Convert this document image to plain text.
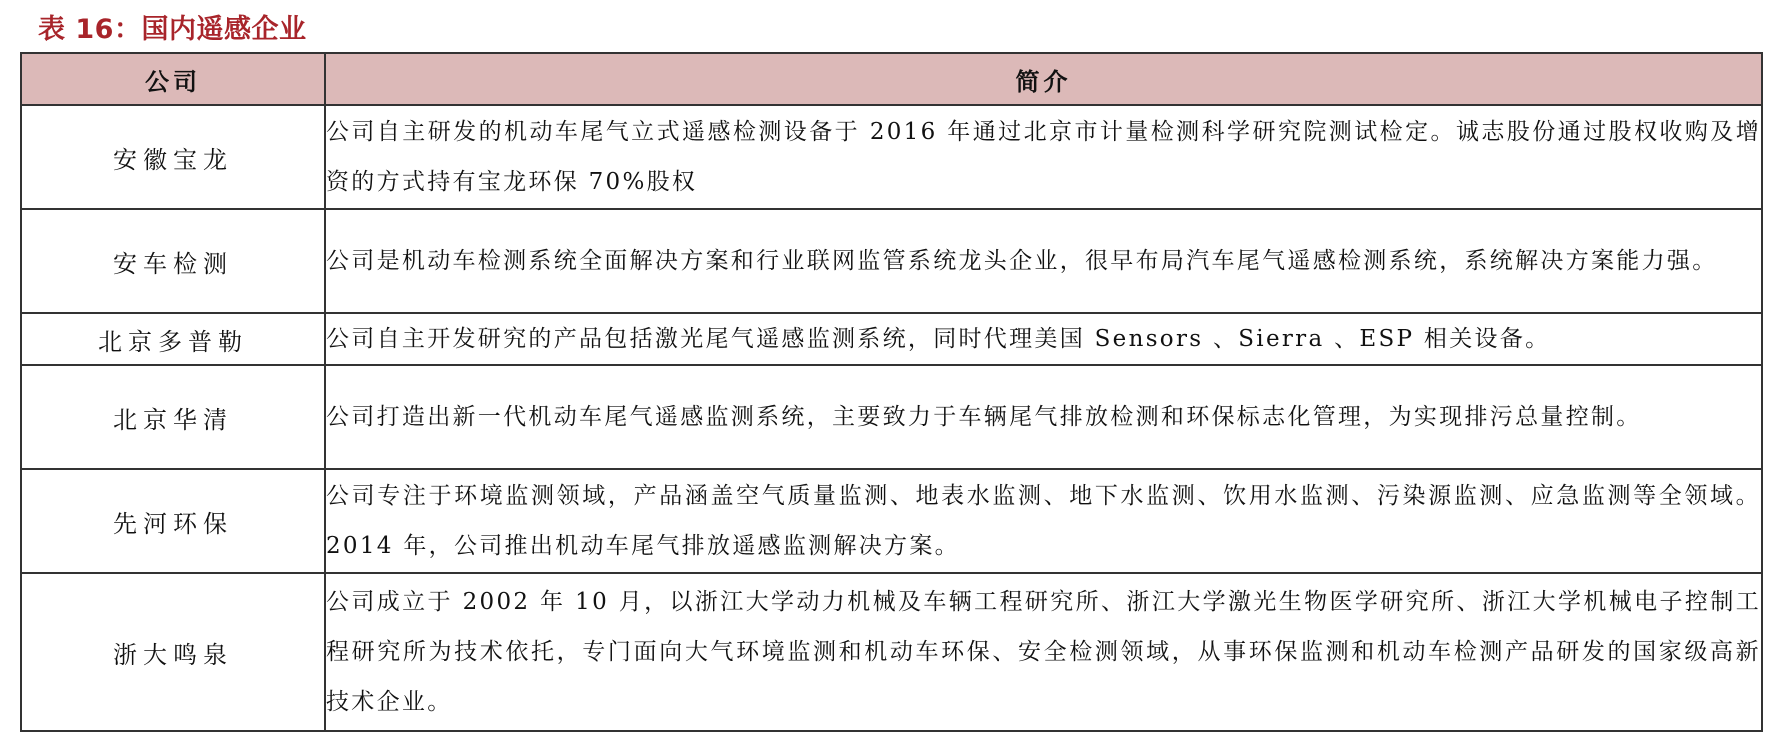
表 16：国内遥感企业
公司	简介
安徽宝龙	公司自主研发的机动车尾气立式遥感检测设备于 2016 年通过北京市计量检测科学研究院测试检定。诚志股份通过股权收购及增资的方式持有宝龙环保 70%股权
安车检测	公司是机动车检测系统全面解决方案和行业联网监管系统龙头企业，很早布局汽车尾气遥感检测系统，系统解决方案能力强。
北京多普勒	公司自主开发研究的产品包括激光尾气遥感监测系统，同时代理美国 Sensors 、Sierra 、ESP 相关设备。
北京华清	公司打造出新一代机动车尾气遥感监测系统，主要致力于车辆尾气排放检测和环保标志化管理，为实现排污总量控制。
先河环保	公司专注于环境监测领域，产品涵盖空气质量监测、地表水监测、地下水监测、饮用水监测、污染源监测、应急监测等全领域。2014 年，公司推出机动车尾气排放遥感监测解决方案。
浙大鸣泉	公司成立于 2002 年 10 月，以浙江大学动力机械及车辆工程研究所、浙江大学激光生物医学研究所、浙江大学机械电子控制工程研究所为技术依托，专门面向大气环境监测和机动车环保、安全检测领域，从事环保监测和机动车检测产品研发的国家级高新技术企业。
